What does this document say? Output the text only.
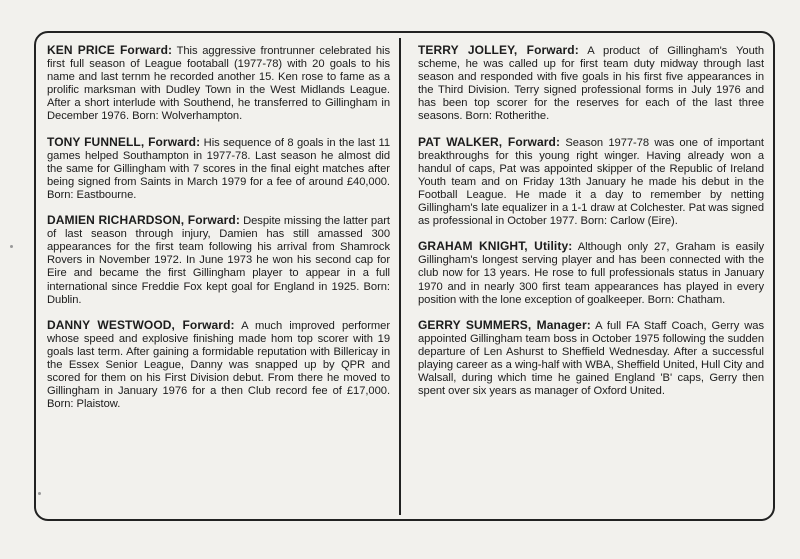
KEN PRICE Forward: This aggressive frontrunner celebrated his first full season of League footaball (1977-78) with 20 goals to his name and last ternm he recorded another 15. Ken rose to fame as a prolific marksman with Dudley Town in the West Midlands League. After a short interlude with Southend, he transferred to Gillingham in December 1976. Born: Wolverhampton.

TONY FUNNELL, Forward: His sequence of 8 goals in the last 11 games helped Southampton in 1977-78. Last season he almost did the same for Gillingham with 7 scores in the final eight matches after being signed from Saints in March 1979 for a fee of around £40,000. Born: Eastbourne.

DAMIEN RICHARDSON, Forward: Despite missing the latter part of last season through injury, Damien has still amassed 300 appearances for the first team following his arrival from Shamrock Rovers in November 1972. In June 1973 he won his second cap for Eire and became the first Gillingham player to appear in a full international since Freddie Fox kept goal for England in 1925. Born: Dublin.

DANNY WESTWOOD, Forward: A much improved performer whose speed and explosive finishing made hom top scorer with 19 goals last term. After gaining a formidable reputation with Billericay in the Essex Senior League, Danny was snapped up by QPR and scored for them on his First Division debut. From there he moved to Gillingham in January 1976 for a then Club record fee of £17,000. Born: Plaistow.

TERRY JOLLEY, Forward: A product of Gillingham's Youth scheme, he was called up for first team duty midway through last season and responded with five goals in his first five appearances in the Third Division. Terry signed professional forms in July 1976 and has been top scorer for the reserves for each of the last three seasons. Born: Rotherithe.

PAT WALKER, Forward: Season 1977-78 was one of important breakthroughs for this young right winger. Having already won a handul of caps, Pat was appointed skipper of the Republic of Ireland Youth team and on Friday 13th January he made his debut in the Football League. He made it a day to remember by netting Gillingham's late equalizer in a 1-1 draw at Colchester. Pat was signed as professional in October 1977. Born: Carlow (Eire).

GRAHAM KNIGHT, Utility: Although only 27, Graham is easily Gillingham's longest serving player and has been connected with the club now for 13 years. He rose to full professionals status in January 1970 and in nearly 300 first team appearances has played in every position with the lone exception of goalkeeper. Born: Chatham.

GERRY SUMMERS, Manager: A full FA Staff Coach, Gerry was appointed Gillingham team boss in October 1975 following the sudden departure of Len Ashurst to Sheffield Wednesday. After a successful playing career as a wing-half with WBA, Sheffield United, Hull City and Walsall, during which time he gained England 'B' caps, Gerry then spent over six years as manager of Oxford United.
